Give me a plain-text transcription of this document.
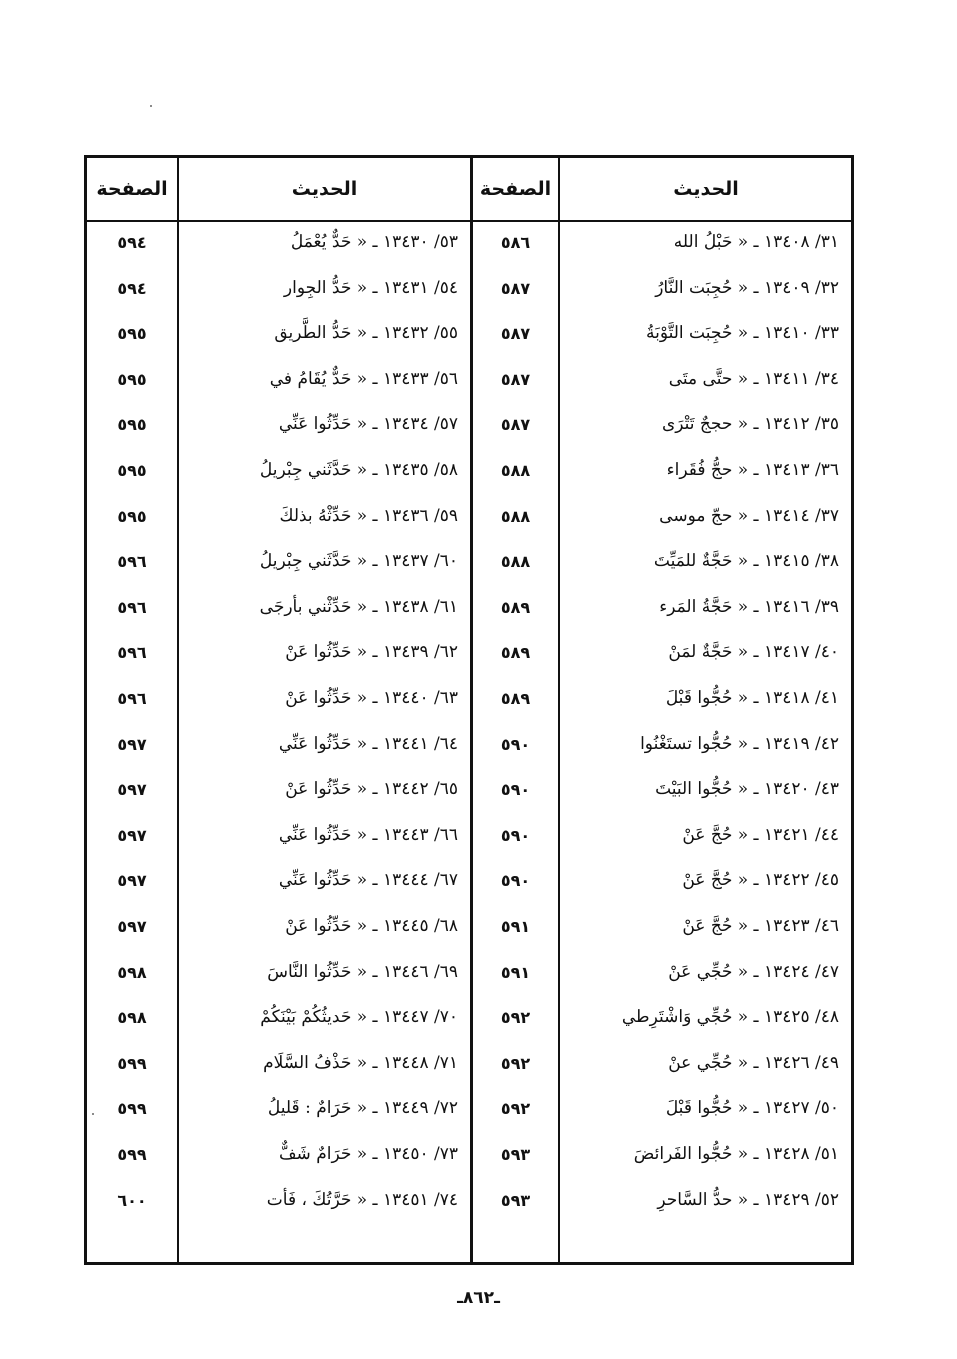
الحديث
الصفحة
الحديث
الصفحة
٣١/ ١٣٤٠٨ ـ « حَبْلُ الله
٥٨٦
٣٢/ ١٣٤٠٩ ـ « حُجِبَت النَّارُ
٥٨٧
٣٣/ ١٣٤١٠ ـ « حُجِبَت التَّوْبَةُ
٥٨٧
٣٤/ ١٣٤١١ ـ « حتَّى متَى
٥٨٧
٣٥/ ١٣٤١٢ ـ « حججٌ تَتْرَى
٥٨٧
٣٦/ ١٣٤١٣ ـ « حجُّ فُقَراء
٥٨٨
٣٧/ ١٣٤١٤ ـ « حجّ موسى
٥٨٨
٣٨/ ١٣٤١٥ ـ « حَجَّةٌ للمَيِّتَ
٥٨٨
٣٩/ ١٣٤١٦ ـ « حَجَّةُ المَرء
٥٨٩
٤٠/ ١٣٤١٧ ـ « حَجَّةٌ لمَنْ
٥٨٩
٤١/ ١٣٤١٨ ـ « حُجُّوا قَبْلَ
٥٨٩
٤٢/ ١٣٤١٩ ـ « حُجُّوا تستَغْنُوا
٥٩٠
٤٣/ ١٣٤٢٠ ـ « حُجُّوا البَيْتَ
٥٩٠
٤٤/ ١٣٤٢١ ـ « حُجَّ عَنْ
٥٩٠
٤٥/ ١٣٤٢٢ ـ « حُجَّ عَنْ
٥٩٠
٤٦/ ١٣٤٢٣ ـ « حُجَّ عَنْ
٥٩١
٤٧/ ١٣٤٢٤ ـ « حُجِّي عَنْ
٥٩١
٤٨/ ١٣٤٢٥ ـ « حُجِّي وَاشْتَرِطي
٥٩٢
٤٩/ ١٣٤٢٦ ـ « حُجِّي عنْ
٥٩٢
٥٠/ ١٣٤٢٧ ـ « حُجُّوا قَبْلَ
٥٩٢
٥١/ ١٣٤٢٨ ـ « حُجُّوا الفَرائضَ
٥٩٣
٥٢/ ١٣٤٢٩ ـ « حدُّ السَّاحرِ
٥٩٣
٥٣/ ١٣٤٣٠ ـ « حَدٌّ يُعْمَلُ
٥٩٤
٥٤/ ١٣٤٣١ ـ « حَدُّ الجِوار
٥٩٤
٥٥/ ١٣٤٣٢ ـ « حَدُّ الطَّريق
٥٩٥
٥٦/ ١٣٤٣٣ ـ « حَدٌّ يُقَامُ في
٥٩٥
٥٧/ ١٣٤٣٤ ـ « حَدِّثُوا عَنِّي
٥٩٥
٥٨/ ١٣٤٣٥ ـ « حَدَّثَني جِبْريلُ
٥٩٥
٥٩/ ١٣٤٣٦ ـ « حَدِّثْهُ بذلكَ
٥٩٥
٦٠/ ١٣٤٣٧ ـ « حَدَّثَني جِبْريلُ
٥٩٦
٦١/ ١٣٤٣٨ ـ « حَدِّثْني بأرجَى
٥٩٦
٦٢/ ١٣٤٣٩ ـ « حَدِّثُوا عَنْ
٥٩٦
٦٣/ ١٣٤٤٠ ـ « حَدِّثُوا عَنْ
٥٩٦
٦٤/ ١٣٤٤١ ـ « حَدِّثُوا عَنِّي
٥٩٧
٦٥/ ١٣٤٤٢ ـ « حَدِّثُوا عَنْ
٥٩٧
٦٦/ ١٣٤٤٣ ـ « حَدِّثُوا عَنِّي
٥٩٧
٦٧/ ١٣٤٤٤ ـ « حَدِّثُوا عَنِّي
٥٩٧
٦٨/ ١٣٤٤٥ ـ « حَدِّثُوا عَنْ
٥٩٧
٦٩/ ١٣٤٤٦ ـ « حَدِّثُوا النَّاسَ
٥٩٨
٧٠/ ١٣٤٤٧ ـ « حَديثُكُمْ بَيْنَكُمْ
٥٩٨
٧١/ ١٣٤٤٨ ـ « حَذْفُ السَّلَام
٥٩٩
٧٢/ ١٣٤٤٩ ـ « حَرَامٌ : قَليلُ
٥٩٩
٧٣/ ١٣٤٥٠ ـ « حَرَامٌ شَفٌّ
٥٩٩
٧٤/ ١٣٤٥١ ـ « حَرَّتُكَ ، فَأت
٦٠٠
ـ٨٦٢ـ
